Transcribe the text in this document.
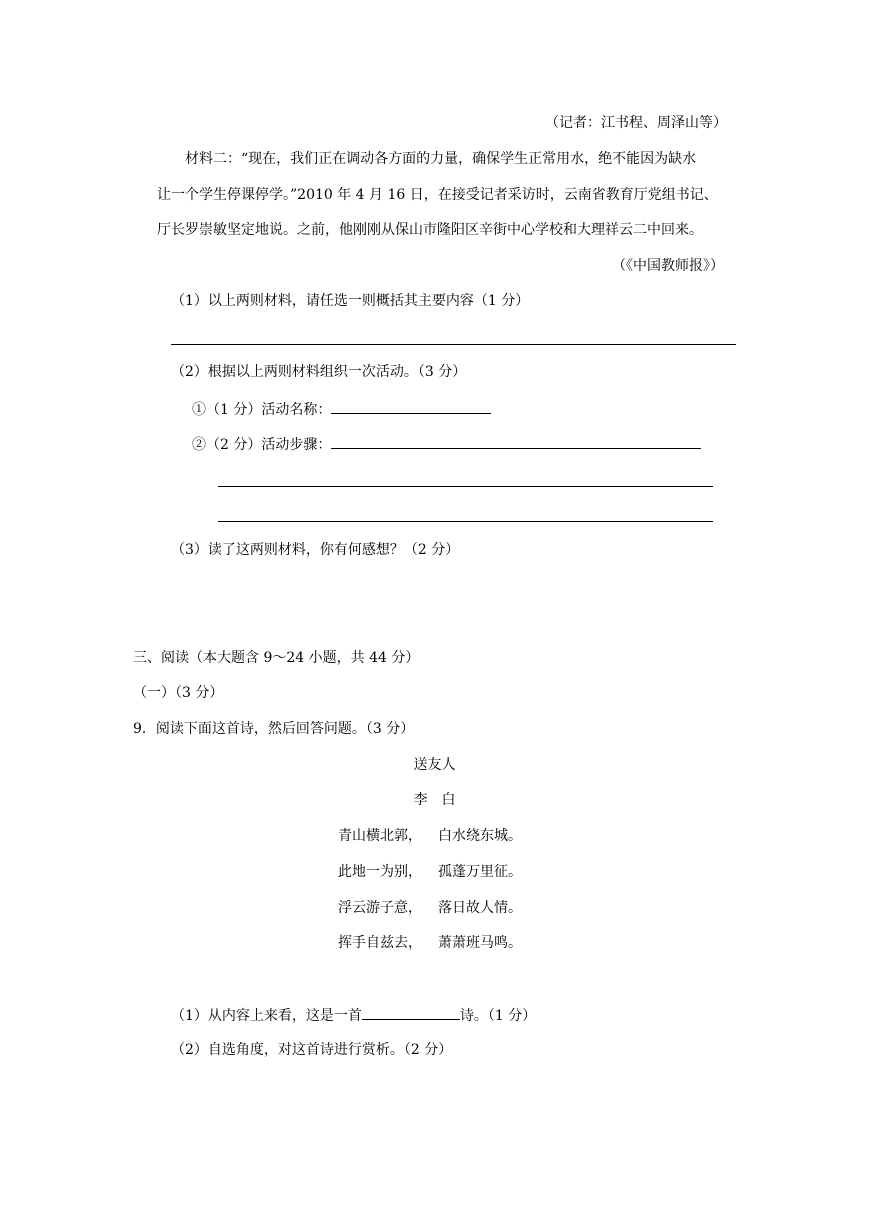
（记者：江书程、周泽山等）
材料二：“现在，我们正在调动各方面的力量，确保学生正常用水，绝不能因为缺水
让一个学生停课停学。”2010 年 4 月 16 日，在接受记者采访时，云南省教育厅党组书记、
厅长罗崇敏坚定地说。之前，他刚刚从保山市隆阳区辛街中心学校和大理祥云二中回来。
（《中国教师报》）
（1）以上两则材料，请任选一则概括其主要内容（1 分）
（2）根据以上两则材料组织一次活动。（3 分）
①（1 分）活动名称：
②（2 分）活动步骤：
（3）读了这两则材料，你有何感想？（2 分）
三、阅读（本大题含 9～24 小题，共 44 分）
（一）（3 分）
9．阅读下面这首诗，然后回答问题。（3 分）
送友人
李　白
青山横北郭， 白水绕东城。
此地一为别， 孤蓬万里征。
浮云游子意， 落日故人情。
挥手自兹去， 萧萧班马鸣。
（1）从内容上来看，这是一首	诗。（1 分）
（2）自选角度，对这首诗进行赏析。（2 分）
